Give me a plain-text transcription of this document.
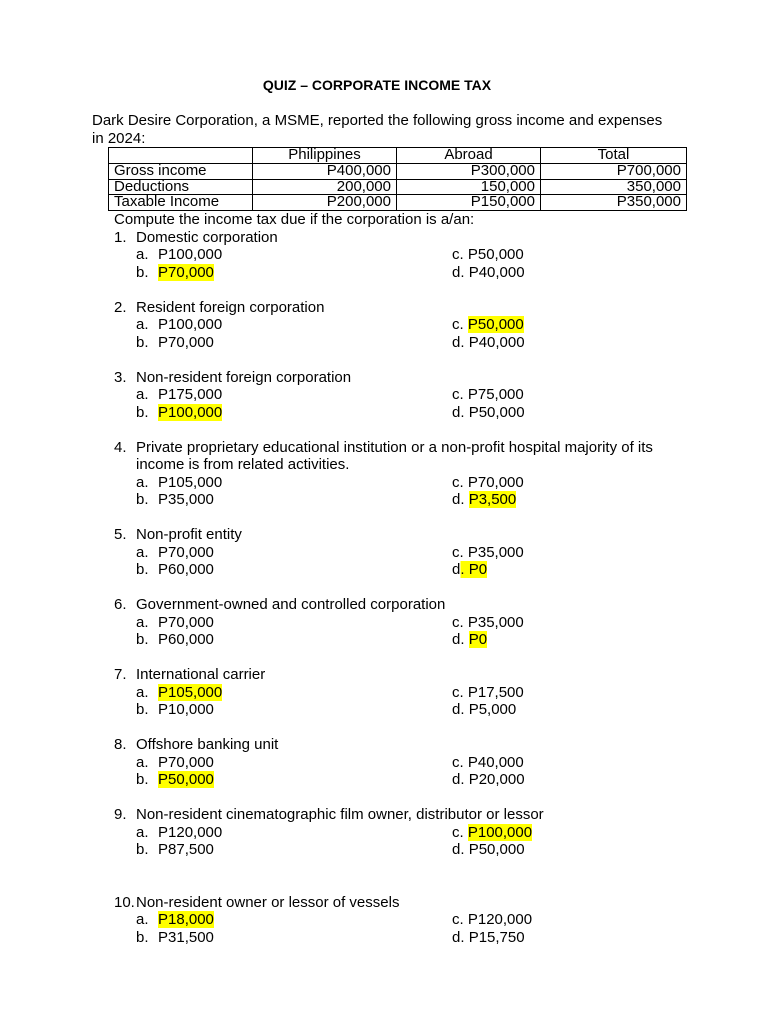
QUIZ – CORPORATE INCOME TAX
Dark Desire Corporation, a MSME, reported the following gross income and expenses
in 2024:
	Philippines	Abroad	Total
Gross income	P400,000	P300,000	P700,000
Deductions	200,000	150,000	350,000
Taxable Income	P200,000	P150,000	P350,000
Compute the income tax due if the corporation is a/an:
1. Domestic corporation
a. P100,000	c. P50,000
b. P70,000	d. P40,000
2. Resident foreign corporation
a. P100,000	c. P50,000
b. P70,000	d. P40,000
3. Non-resident foreign corporation
a. P175,000	c. P75,000
b. P100,000	d. P50,000
4. Private proprietary educational institution or a non-profit hospital majority of its income is from related activities.
a. P105,000	c. P70,000
b. P35,000	d. P3,500
5. Non-profit entity
a. P70,000	c. P35,000
b. P60,000	d. P0
6. Government-owned and controlled corporation
a. P70,000	c. P35,000
b. P60,000	d. P0
7. International carrier
a. P105,000	c. P17,500
b. P10,000	d. P5,000
8. Offshore banking unit
a. P70,000	c. P40,000
b. P50,000	d. P20,000
9. Non-resident cinematographic film owner, distributor or lessor
a. P120,000	c. P100,000
b. P87,500	d. P50,000
10. Non-resident owner or lessor of vessels
a. P18,000	c. P120,000
b. P31,500	d. P15,750
